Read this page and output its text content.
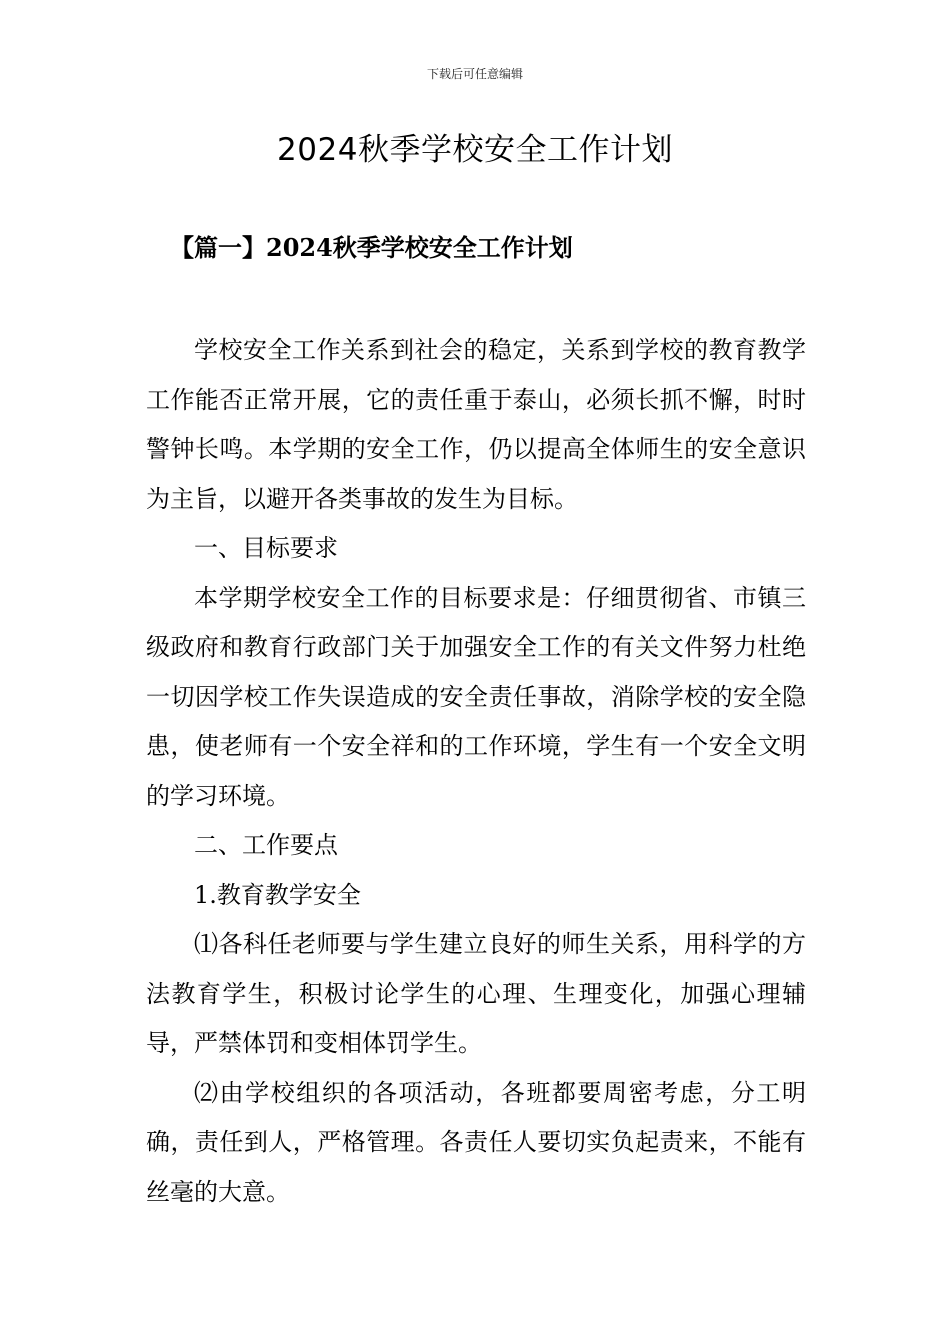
下载后可任意编辑
2024秋季学校安全工作计划
【篇一】2024秋季学校安全工作计划

学校安全工作关系到社会的稳定，关系到学校的教育教学工作能否正常开展，它的责任重于泰山，必须长抓不懈，时时警钟长鸣。本学期的安全工作，仍以提高全体师生的安全意识为主旨，以避开各类事故的发生为目标。

一、目标要求

本学期学校安全工作的目标要求是：仔细贯彻省、市镇三级政府和教育行政部门关于加强安全工作的有关文件努力杜绝一切因学校工作失误造成的安全责任事故，消除学校的安全隐患，使老师有一个安全祥和的工作环境，学生有一个安全文明的学习环境。

二、工作要点

1.教育教学安全

⑴各科任老师要与学生建立良好的师生关系，用科学的方法教育学生，积极讨论学生的心理、生理变化，加强心理辅导，严禁体罚和变相体罚学生。

⑵由学校组织的各项活动，各班都要周密考虑，分工明确，责任到人，严格管理。各责任人要切实负起责来，不能有丝毫的大意。
